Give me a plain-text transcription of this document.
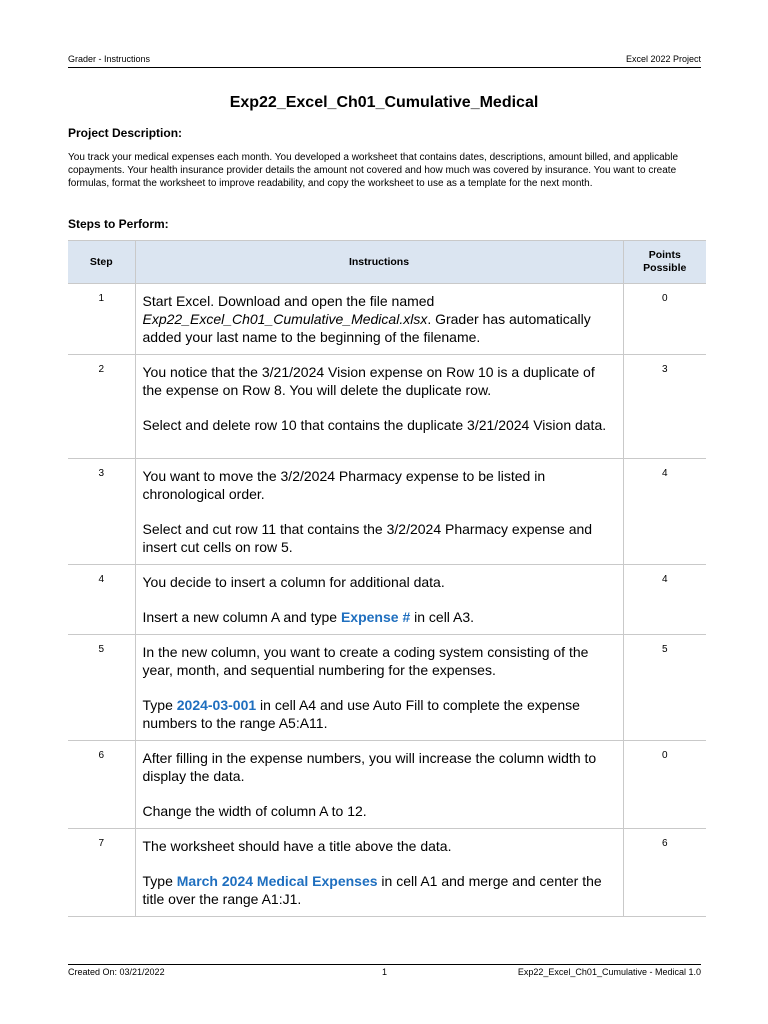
Grader - Instructions	Excel 2022 Project
Exp22_Excel_Ch01_Cumulative_Medical
Project Description:
You track your medical expenses each month. You developed a worksheet that contains dates, descriptions, amount billed, and applicable copayments. Your health insurance provider details the amount not covered and how much was covered by insurance. You want to create formulas, format the worksheet to improve readability, and copy the worksheet to use as a template for the next month.
Steps to Perform:
Step	Instructions	Points Possible
1	Start Excel. Download and open the file named Exp22_Excel_Ch01_Cumulative_Medical.xlsx. Grader has automatically added your last name to the beginning of the filename.	0
2	You notice that the 3/21/2024 Vision expense on Row 10 is a duplicate of the expense on Row 8. You will delete the duplicate row.

Select and delete row 10 that contains the duplicate 3/21/2024 Vision data.	3
3	You want to move the 3/2/2024 Pharmacy expense to be listed in chronological order.

Select and cut row 11 that contains the 3/2/2024 Pharmacy expense and insert cut cells on row 5.	4
4	You decide to insert a column for additional data.

Insert a new column A and type Expense # in cell A3.	4
5	In the new column, you want to create a coding system consisting of the year, month, and sequential numbering for the expenses.

Type 2024-03-001 in cell A4 and use Auto Fill to complete the expense numbers to the range A5:A11.	5
6	After filling in the expense numbers, you will increase the column width to display the data.

Change the width of column A to 12.	0
7	The worksheet should have a title above the data.

Type March 2024 Medical Expenses in cell A1 and merge and center the title over the range A1:J1.	6
Created On: 03/21/2022	1	Exp22_Excel_Ch01_Cumulative - Medical 1.0
